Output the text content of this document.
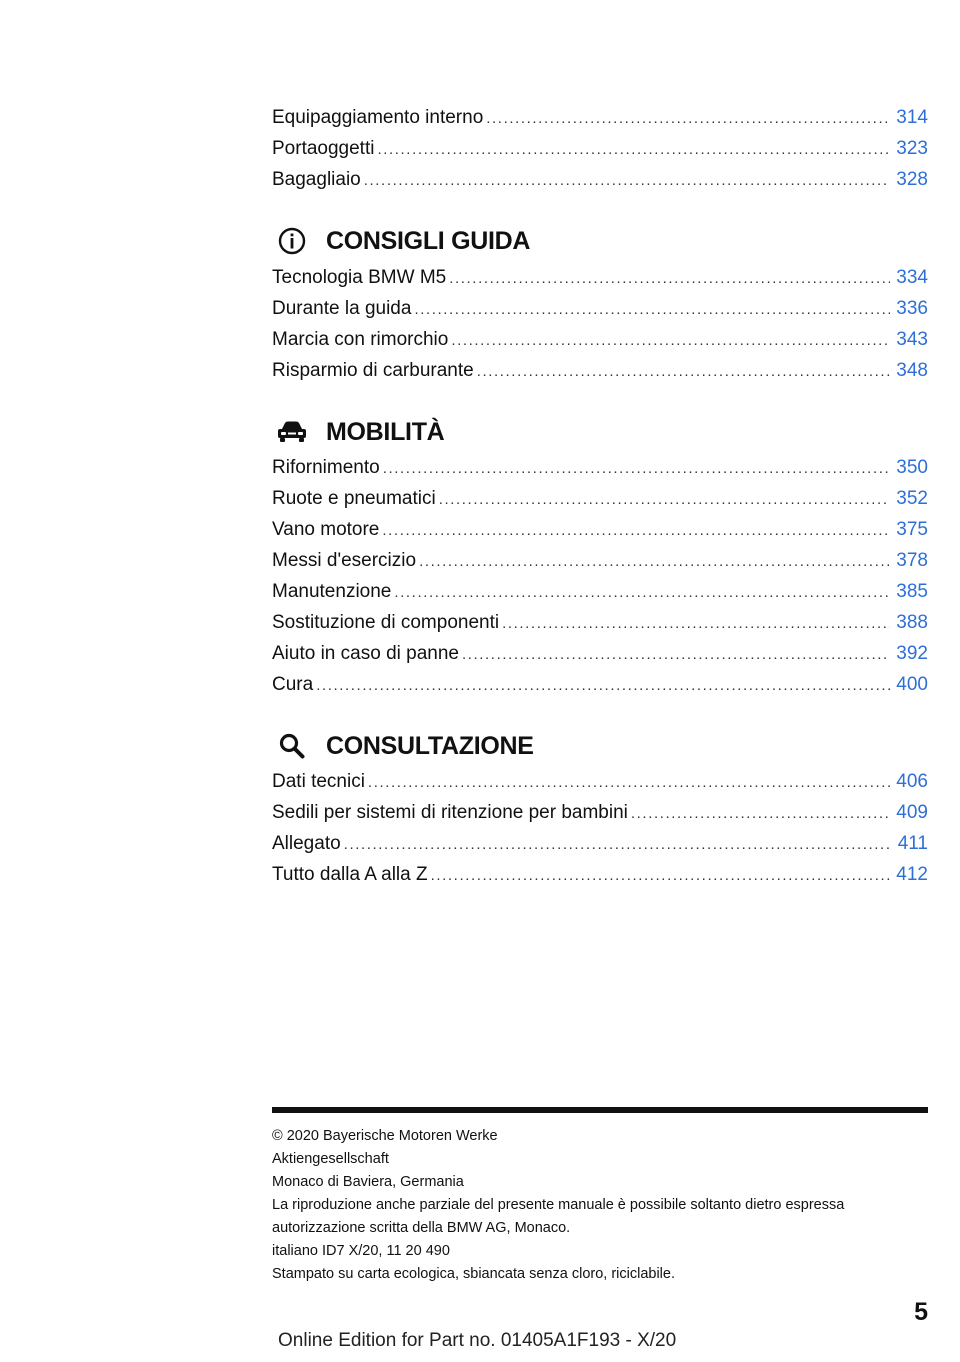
Equipaggiamento interno .....	314
Portaoggetti .....	323
Bagagliaio .....	328
CONSIGLI GUIDA
Tecnologia BMW M5 .....	334
Durante la guida .....	336
Marcia con rimorchio .....	343
Risparmio di carburante .....	348
MOBILITÀ
Rifornimento .....	350
Ruote e pneumatici .....	352
Vano motore .....	375
Messi d'esercizio .....	378
Manutenzione .....	385
Sostituzione di componenti .....	388
Aiuto in caso di panne .....	392
Cura .....	400
CONSULTAZIONE
Dati tecnici .....	406
Sedili per sistemi di ritenzione per bambini .....	409
Allegato .....	411
Tutto dalla A alla Z .....	412
© 2020 Bayerische Motoren Werke
Aktiengesellschaft
Monaco di Baviera, Germania
La riproduzione anche parziale del presente manuale è possibile soltanto dietro espressa
autorizzazione scritta della BMW AG, Monaco.
italiano ID7 X/20, 11 20 490
Stampato su carta ecologica, sbiancata senza cloro, riciclabile.
5
Online Edition for Part no. 01405A1F193 - X/20
